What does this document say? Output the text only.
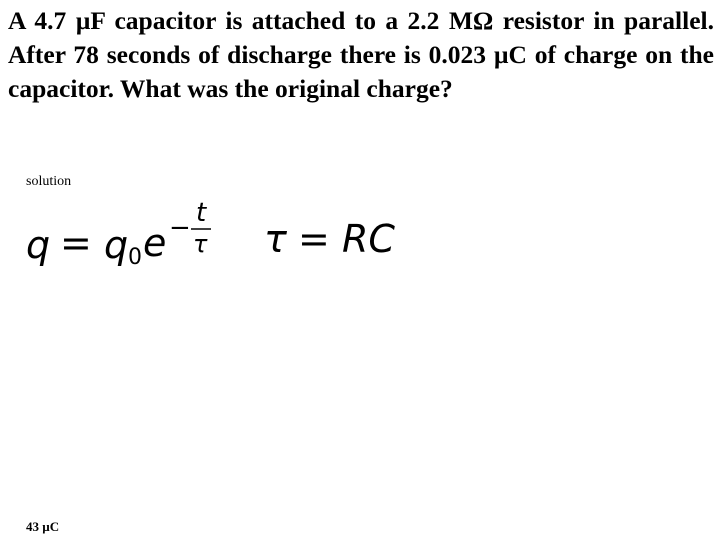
A 4.7 µF capacitor is attached to a 2.2 MΩ resistor in parallel. After 78 seconds of discharge there is 0.023 µC of charge on the capacitor. What was the original charge?

solution
q = q 0 e − t
τ τ = RC
43 µC
